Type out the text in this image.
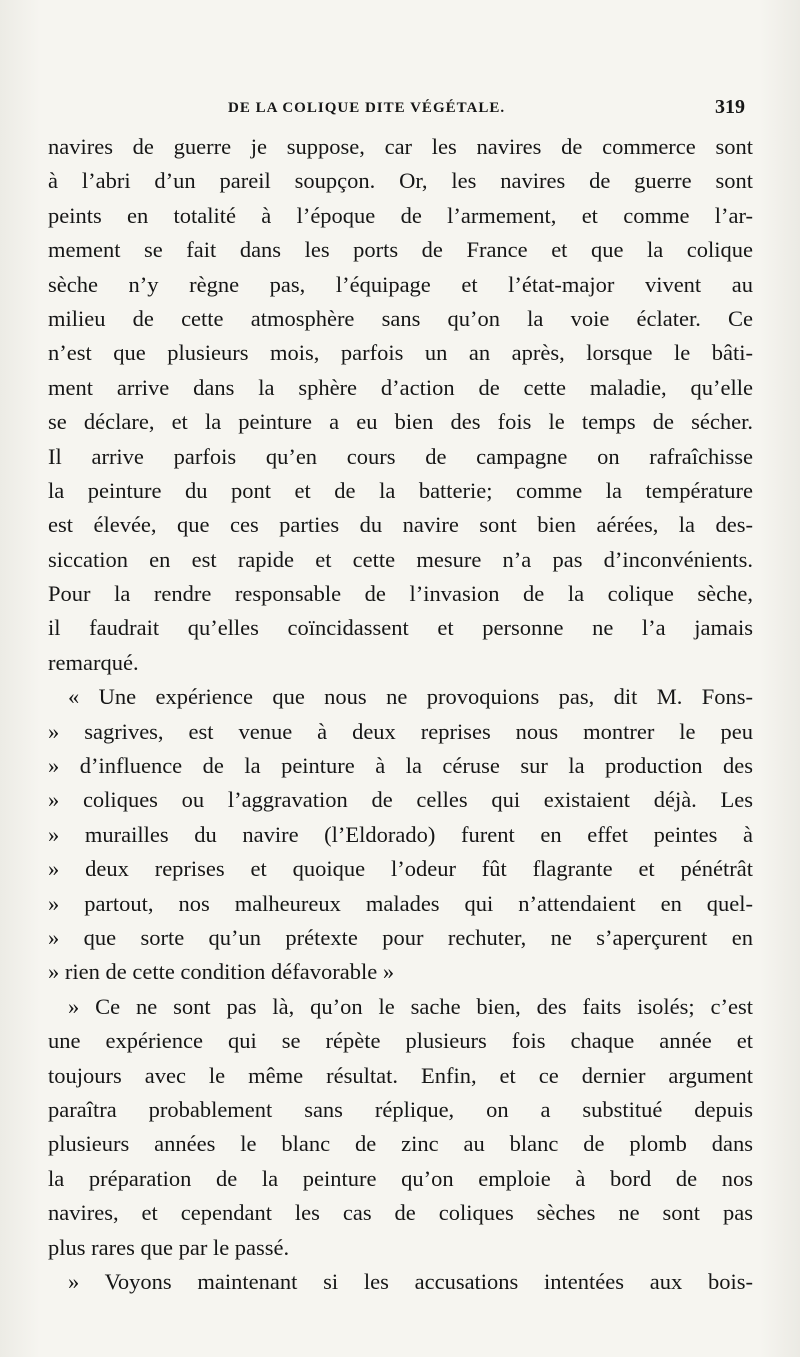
DE LA COLIQUE DITE VÉGÉTALE.	319
navires de guerre je suppose, car les navires de commerce sont
à l’abri d’un pareil soupçon. Or, les navires de guerre sont
peints en totalité à l’époque de l’armement, et comme l’ar-
mement se fait dans les ports de France et que la colique
sèche n’y règne pas, l’équipage et l’état-major vivent au
milieu de cette atmosphère sans qu’on la voie éclater. Ce
n’est que plusieurs mois, parfois un an après, lorsque le bâti-
ment arrive dans la sphère d’action de cette maladie, qu’elle
se déclare, et la peinture a eu bien des fois le temps de sécher.
Il arrive parfois qu’en cours de campagne on rafraîchisse
la peinture du pont et de la batterie; comme la température
est élevée, que ces parties du navire sont bien aérées, la des-
siccation en est rapide et cette mesure n’a pas d’inconvénients.
Pour la rendre responsable de l’invasion de la colique sèche,
il faudrait qu’elles coïncidassent et personne ne l’a jamais
remarqué.
« Une expérience que nous ne provoquions pas, dit M. Fons-
» sagrives, est venue à deux reprises nous montrer le peu
» d’influence de la peinture à la céruse sur la production des
» coliques ou l’aggravation de celles qui existaient déjà. Les
» murailles du navire (l’Eldorado) furent en effet peintes à
» deux reprises et quoique l’odeur fût flagrante et pénétrât
» partout, nos malheureux malades qui n’attendaient en quel-
» que sorte qu’un prétexte pour rechuter, ne s’aperçurent en
» rien de cette condition défavorable »
» Ce ne sont pas là, qu’on le sache bien, des faits isolés; c’est
une expérience qui se répète plusieurs fois chaque année et
toujours avec le même résultat. Enfin, et ce dernier argument
paraîtra probablement sans réplique, on a substitué depuis
plusieurs années le blanc de zinc au blanc de plomb dans
la préparation de la peinture qu’on emploie à bord de nos
navires, et cependant les cas de coliques sèches ne sont pas
plus rares que par le passé.
» Voyons maintenant si les accusations intentées aux bois-
